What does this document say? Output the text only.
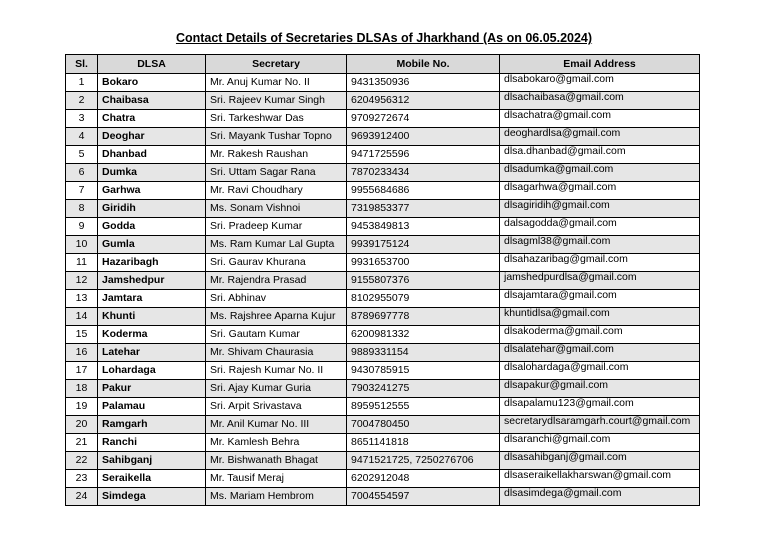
Contact Details of Secretaries DLSAs of Jharkhand (As on 06.05.2024)
Sl.	DLSA	Secretary	Mobile No.	Email Address
1	Bokaro	Mr. Anuj Kumar No. II	9431350936	dlsabokaro@gmail.com
2	Chaibasa	Sri. Rajeev Kumar Singh	6204956312	dlsachaibasa@gmail.com
3	Chatra	Sri. Tarkeshwar Das	9709272674	dlsachatra@gmail.com
4	Deoghar	Sri. Mayank Tushar Topno	9693912400	deoghardlsa@gmail.com
5	Dhanbad	Mr. Rakesh Raushan	9471725596	dlsa.dhanbad@gmail.com
6	Dumka	Sri. Uttam Sagar Rana	7870233434	dlsadumka@gmail.com
7	Garhwa	Mr. Ravi Choudhary	9955684686	dlsagarhwa@gmail.com
8	Giridih	Ms. Sonam Vishnoi	7319853377	dlsagiridih@gmail.com
9	Godda	Sri. Pradeep Kumar	9453849813	dalsagodda@gmail.com
10	Gumla	Ms. Ram Kumar Lal Gupta	9939175124	dlsagml38@gmail.com
11	Hazaribagh	Sri. Gaurav Khurana	9931653700	dlsahazaribag@gmail.com
12	Jamshedpur	Mr. Rajendra Prasad	9155807376	jamshedpurdlsa@gmail.com
13	Jamtara	Sri. Abhinav	8102955079	dlsajamtara@gmail.com
14	Khunti	Ms. Rajshree Aparna Kujur	8789697778	khuntidlsa@gmail.com
15	Koderma	Sri. Gautam Kumar	6200981332	dlsakoderma@gmail.com
16	Latehar	Mr. Shivam Chaurasia	9889331154	dlsalatehar@gmail.com
17	Lohardaga	Sri. Rajesh Kumar No. II	9430785915	dlsalohardaga@gmail.com
18	Pakur	Sri. Ajay Kumar Guria	7903241275	dlsapakur@gmail.com
19	Palamau	Sri. Arpit Srivastava	8959512555	dlsapalamu123@gmail.com
20	Ramgarh	Mr. Anil Kumar No. III	7004780450	secretarydlsaramgarh.court@gmail.com
21	Ranchi	Mr. Kamlesh Behra	8651141818	dlsaranchi@gmail.com
22	Sahibganj	Mr. Bishwanath Bhagat	9471521725, 7250276706	dlsasahibganj@gmail.com
23	Seraikella	Mr. Tausif Meraj	6202912048	dlsaseraikellakharswan@gmail.com
24	Simdega	Ms. Mariam Hembrom	7004554597	dlsasimdega@gmail.com
